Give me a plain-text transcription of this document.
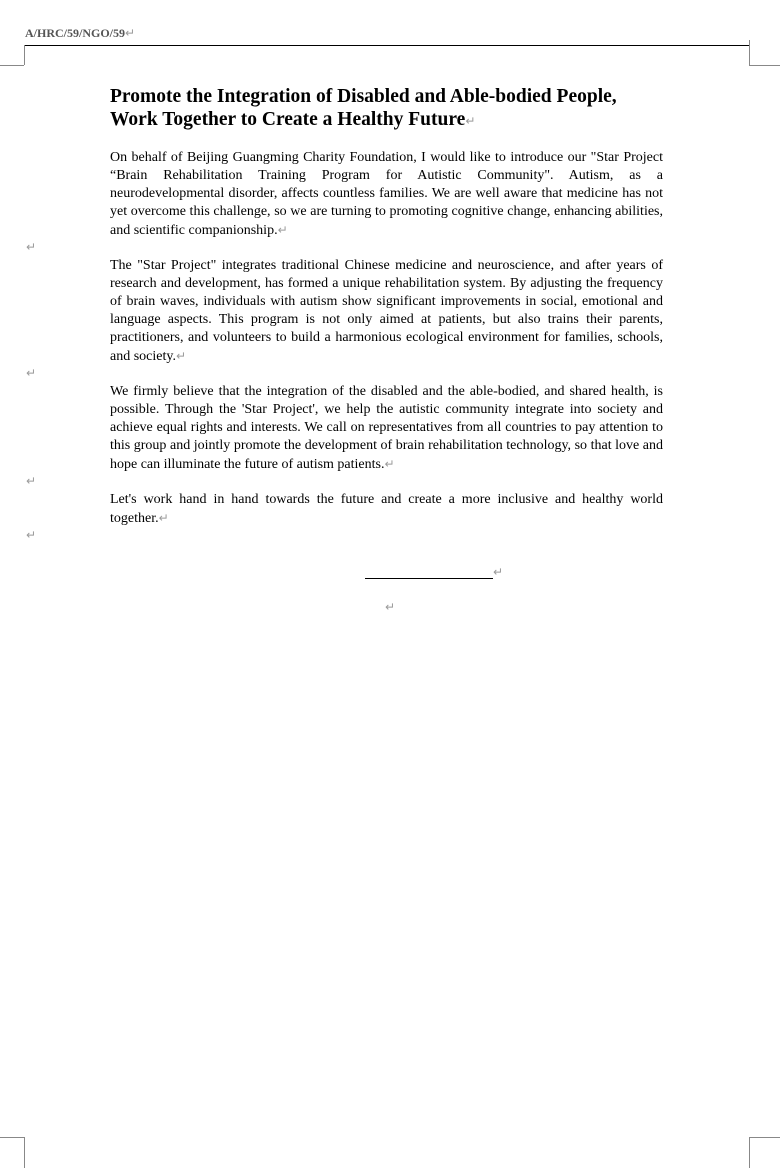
A/HRC/59/NGO/59↵
Promote the Integration of Disabled and Able-bodied People,
Work Together to Create a Healthy Future↵
On behalf of Beijing Guangming Charity Foundation, I would like to introduce our "Star Project “Brain Rehabilitation Training Program for Autistic Community". Autism, as a neurodevelopmental disorder, affects countless families. We are well aware that medicine has not yet overcome this challenge, so we are turning to promoting cognitive change, enhancing abilities, and scientific companionship.↵
↵
The "Star Project" integrates traditional Chinese medicine and neuroscience, and after years of research and development, has formed a unique rehabilitation system. By adjusting the frequency of brain waves, individuals with autism show significant improvements in social, emotional and language aspects. This program is not only aimed at patients, but also trains their parents, practitioners, and volunteers to build a harmonious ecological environment for families, schools, and society.↵
↵
We firmly believe that the integration of the disabled and the able-bodied, and shared health, is possible. Through the 'Star Project', we help the autistic community integrate into society and achieve equal rights and interests. We call on representatives from all countries to pay attention to this group and jointly promote the development of brain rehabilitation technology, so that love and hope can illuminate the future of autism patients.↵
↵
Let's work hand in hand towards the future and create a more inclusive and healthy world together.↵
↵
↵
↵
